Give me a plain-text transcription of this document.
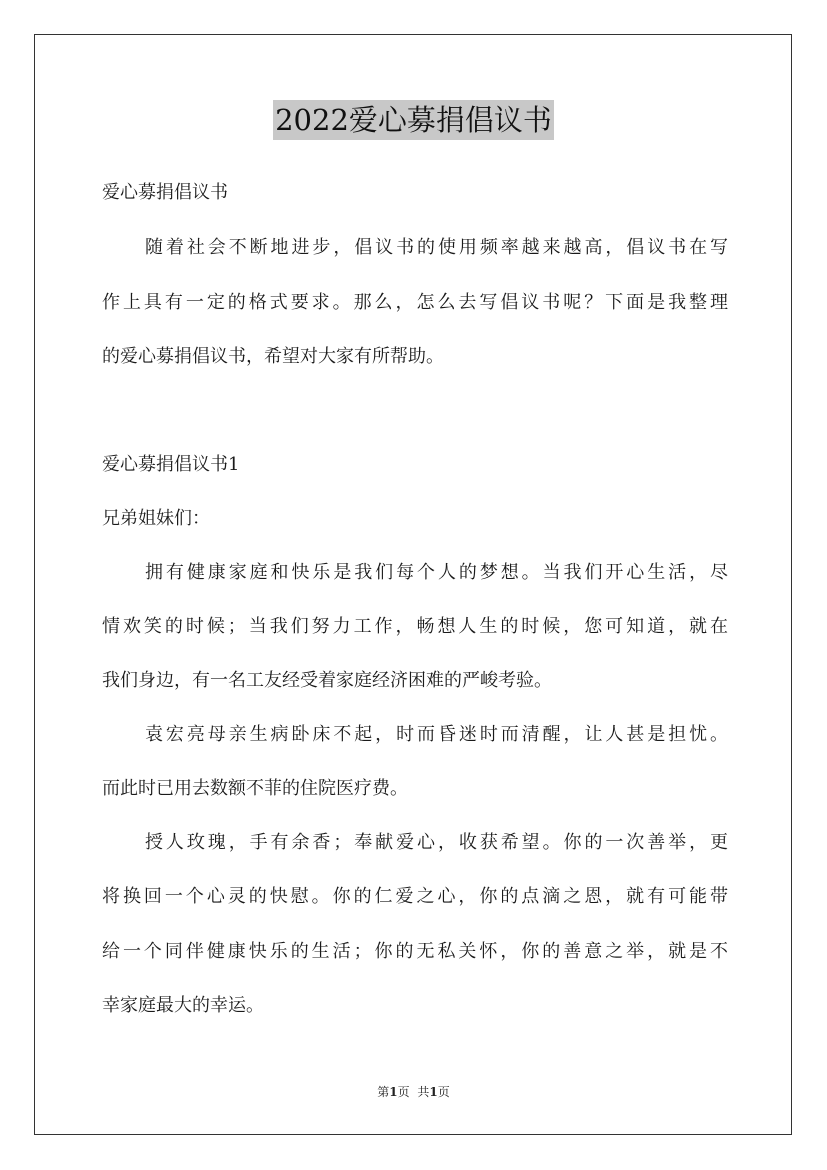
2022爱心募捐倡议书
爱心募捐倡议书
随着社会不断地进步，倡议书的使用频率越来越高，倡议书在写
作上具有一定的格式要求。那么，怎么去写倡议书呢？下面是我整理
的爱心募捐倡议书，希望对大家有所帮助。
爱心募捐倡议书1
兄弟姐妹们：
拥有健康家庭和快乐是我们每个人的梦想。当我们开心生活，尽
情欢笑的时候；当我们努力工作，畅想人生的时候，您可知道，就在
我们身边，有一名工友经受着家庭经济困难的严峻考验。
袁宏亮母亲生病卧床不起，时而昏迷时而清醒，让人甚是担忧。
而此时已用去数额不菲的住院医疗费。
授人玫瑰，手有余香；奉献爱心，收获希望。你的一次善举，更
将换回一个心灵的快慰。你的仁爱之心，你的点滴之恩，就有可能带
给一个同伴健康快乐的生活；你的无私关怀，你的善意之举，就是不
幸家庭最大的幸运。
第1页 共1页
